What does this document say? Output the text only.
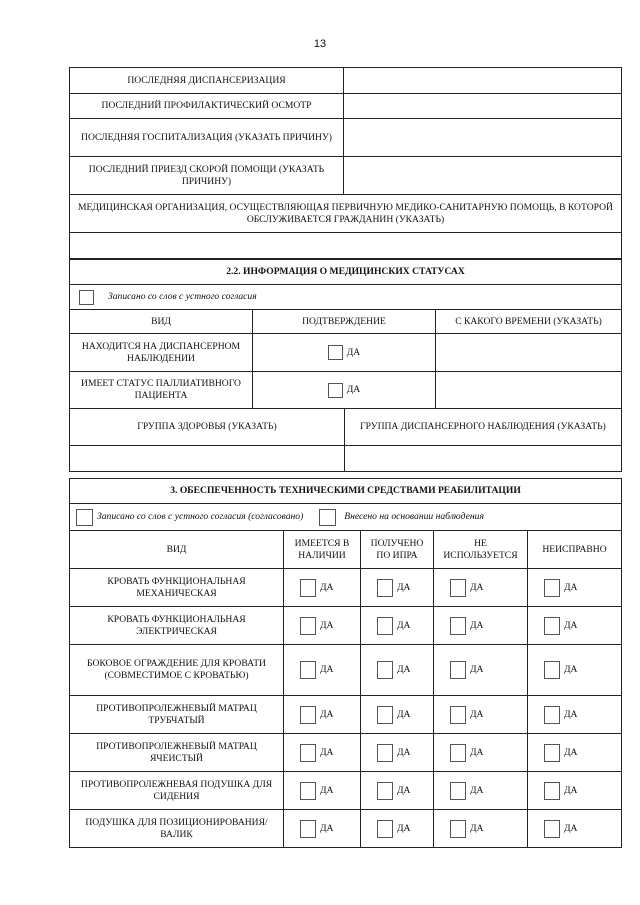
13
ПОСЛЕДНЯЯ ДИСПАНСЕРИЗАЦИЯ	
ПОСЛЕДНИЙ ПРОФИЛАКТИЧЕСКИЙ ОСМОТР	
ПОСЛЕДНЯЯ ГОСПИТАЛИЗАЦИЯ (УКАЗАТЬ ПРИЧИНУ)	
ПОСЛЕДНИЙ ПРИЕЗД СКОРОЙ ПОМОЩИ (УКАЗАТЬ ПРИЧИНУ)	
МЕДИЦИНСКАЯ ОРГАНИЗАЦИЯ, ОСУЩЕСТВЛЯЮЩАЯ ПЕРВИЧНУЮ МЕДИКО-САНИТАРНУЮ ПОМОЩЬ, В КОТОРОЙ ОБСЛУЖИВАЕТСЯ ГРАЖДАНИН (УКАЗАТЬ)	

2.2. ИНФОРМАЦИЯ О МЕДИЦИНСКИХ СТАТУСАХ			

Записано со слов с устного согласия			

ВИД	ПОДТВЕРЖДЕНИЕ		С КАКОГО ВРЕМЕНИ (УКАЗАТЬ)
НАХОДИТСЯ НА ДИСПАНСЕРНОМ НАБЛЮДЕНИИ	ДА		

ИМЕЕТ СТАТУС ПАЛЛИАТИВНОГО ПАЦИЕНТА	ДА		

ГРУППА ЗДОРОВЬЯ (УКАЗАТЬ)		ГРУППА ДИСПАНСЕРНОГО НАБЛЮДЕНИЯ (УКАЗАТЬ)	

3. ОБЕСПЕЧЕННОСТЬ ТЕХНИЧЕСКИМИ СРЕДСТВАМИ РЕАБИЛИТАЦИИ				

Записано со слов с устного согласия (согласовано) Внесено на основании наблюдения				

ВИД	ИМЕЕТСЯ В НАЛИЧИИ	ПОЛУЧЕНО ПО ИПРА	НЕ ИСПОЛЬЗУЕТСЯ	НЕИСПРАВНО
КРОВАТЬ ФУНКЦИОНАЛЬНАЯ МЕХАНИЧЕСКАЯ	ДА	ДА	ДА	ДА

КРОВАТЬ ФУНКЦИОНАЛЬНАЯ ЭЛЕКТРИЧЕСКАЯ	ДА	ДА	ДА	ДА

БОКОВОЕ ОГРАЖДЕНИЕ ДЛЯ КРОВАТИ (СОВМЕСТИМОЕ С КРОВАТЬЮ)	ДА	ДА	ДА	ДА

ПРОТИВОПРОЛЕЖНЕВЫЙ МАТРАЦ ТРУБЧАТЫЙ	ДА	ДА	ДА	ДА

ПРОТИВОПРОЛЕЖНЕВЫЙ МАТРАЦ ЯЧЕИСТЫЙ	ДА	ДА	ДА	ДА

ПРОТИВОПРОЛЕЖНЕВАЯ ПОДУШКА ДЛЯ СИДЕНИЯ	ДА	ДА	ДА	ДА

ПОДУШКА ДЛЯ ПОЗИЦИОНИРОВАНИЯ/ВАЛИК	ДА	ДА	ДА	ДА
